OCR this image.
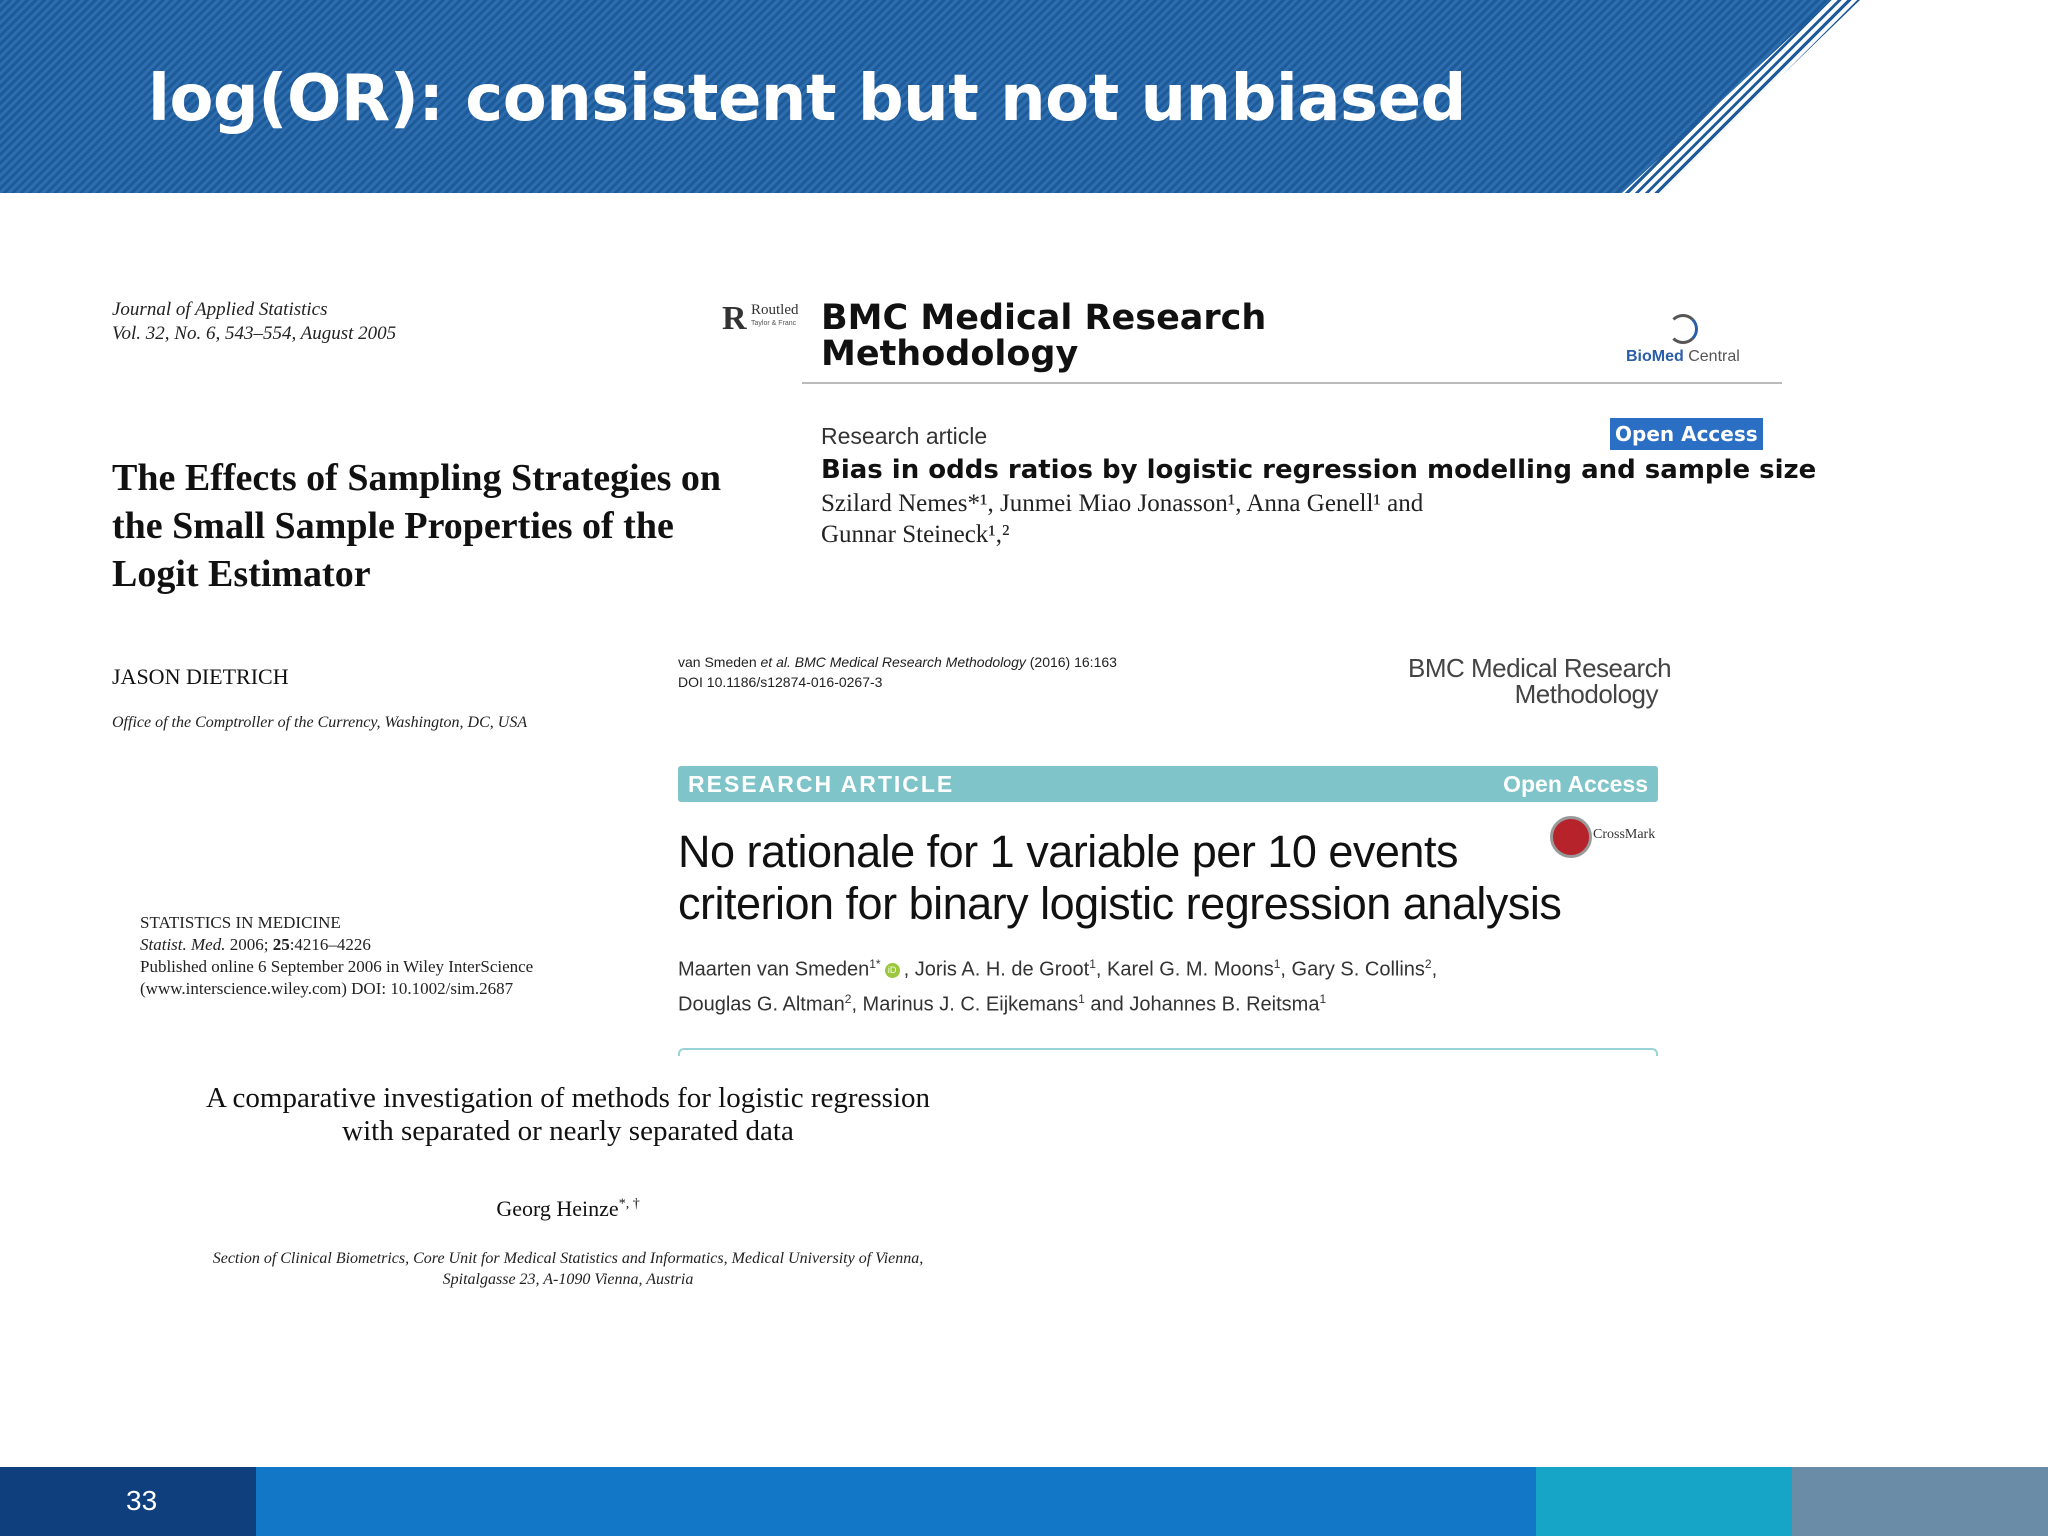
log(OR): consistent but not unbiased
Journal of Applied Statistics
Vol. 32, No. 6, 543–554, August 2005
The Effects of Sampling Strategies on
the Small Sample Properties of the
Logit Estimator
JASON DIETRICH
Office of the Comptroller of the Currency, Washington, DC, USA
R Routled
Taylor & Franc BMC Medical Research
Methodology	BioMed Central
Research article	Open Access
Bias in odds ratios by logistic regression modelling and sample size
Szilard Nemes*¹, Junmei Miao Jonasson¹, Anna Genell¹ and
Gunnar Steineck¹,²
van Smeden et al. BMC Medical Research Methodology (2016) 16:163
DOI 10.1186/s12874-016-0267-3	BMC Medical Research
Methodology
RESEARCH ARTICLE	Open Access
CrossMark
No rationale for 1 variable per 10 events
criterion for binary logistic regression analysis
Maarten van Smeden$^{1*}$ iD , Joris A. H. de Groot$^1$, Karel G. M. Moons$^1$, Gary S. Collins$^2$,
Douglas G. Altman$^2$, Marinus J. C. Eijkemans$^1$ and Johannes B. Reitsma$^1$
STATISTICS IN MEDICINE
Statist. Med. 2006; 25:4216–4226
Published online 6 September 2006 in Wiley InterScience
(www.interscience.wiley.com) DOI: 10.1002/sim.2687
A comparative investigation of methods for logistic regression
with separated or nearly separated data
Georg Heinze*, †
Section of Clinical Biometrics, Core Unit for Medical Statistics and Informatics, Medical University of Vienna,
Spitalgasse 23, A-1090 Vienna, Austria
33
